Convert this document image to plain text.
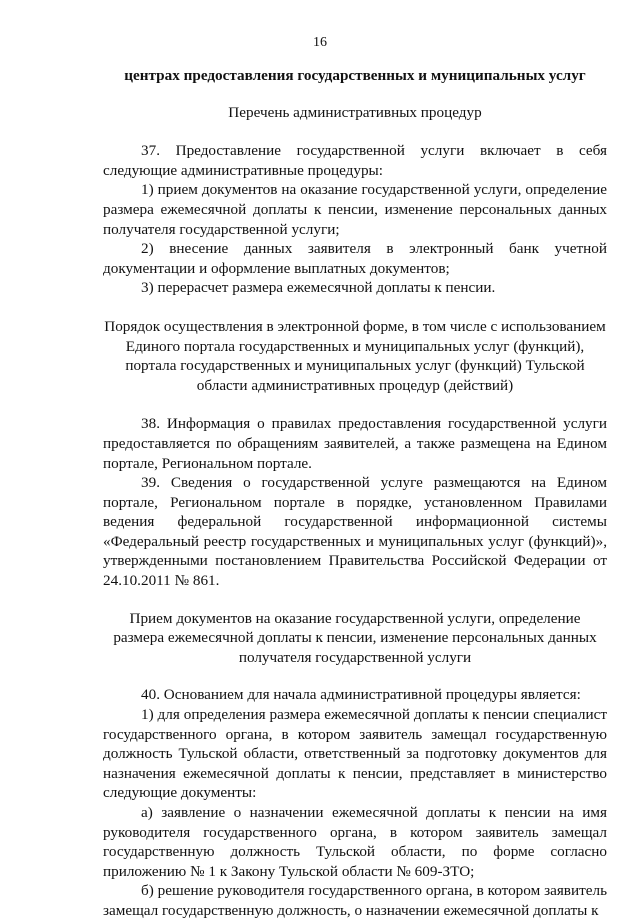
16

центрах предоставления государственных и муниципальных услуг

Перечень административных процедур

37. Предоставление государственной услуги включает в себя следующие административные процедуры:

1) прием документов на оказание государственной услуги, определение размера ежемесячной доплаты к пенсии, изменение персональных данных получателя государственной услуги;

2) внесение данных заявителя в электронный банк учетной документации и оформление выплатных документов;

3) перерасчет размера ежемесячной доплаты к пенсии.

Порядок осуществления в электронной форме, в том числе с использованием Единого портала государственных и муниципальных услуг (функций), портала государственных и муниципальных услуг (функций) Тульской области административных процедур (действий)

38. Информация о правилах предоставления государственной услуги предоставляется по обращениям заявителей, а также размещена на Едином портале, Региональном портале.

39. Сведения о государственной услуге размещаются на Едином портале, Региональном портале в порядке, установленном Правилами ведения федеральной государственной информационной системы «Федеральный реестр государственных и муниципальных услуг (функций)», утвержденными постановлением Правительства Российской Федерации от 24.10.2011 № 861.

Прием документов на оказание государственной услуги, определение размера ежемесячной доплаты к пенсии, изменение персональных данных получателя государственной услуги

40. Основанием для начала административной процедуры является:

1) для определения размера ежемесячной доплаты к пенсии специалист государственного органа, в котором заявитель замещал государственную должность Тульской области, ответственный за подготовку документов для назначения ежемесячной доплаты к пенсии, представляет в министерство следующие документы:

а) заявление о назначении ежемесячной доплаты к пенсии на имя руководителя государственного органа, в котором заявитель замещал государственную должность Тульской области, по форме согласно приложению № 1 к Закону Тульской области № 609-ЗТО;

б) решение руководителя государственного органа, в котором заявитель замещал государственную должность, о назначении ежемесячной доплаты к
